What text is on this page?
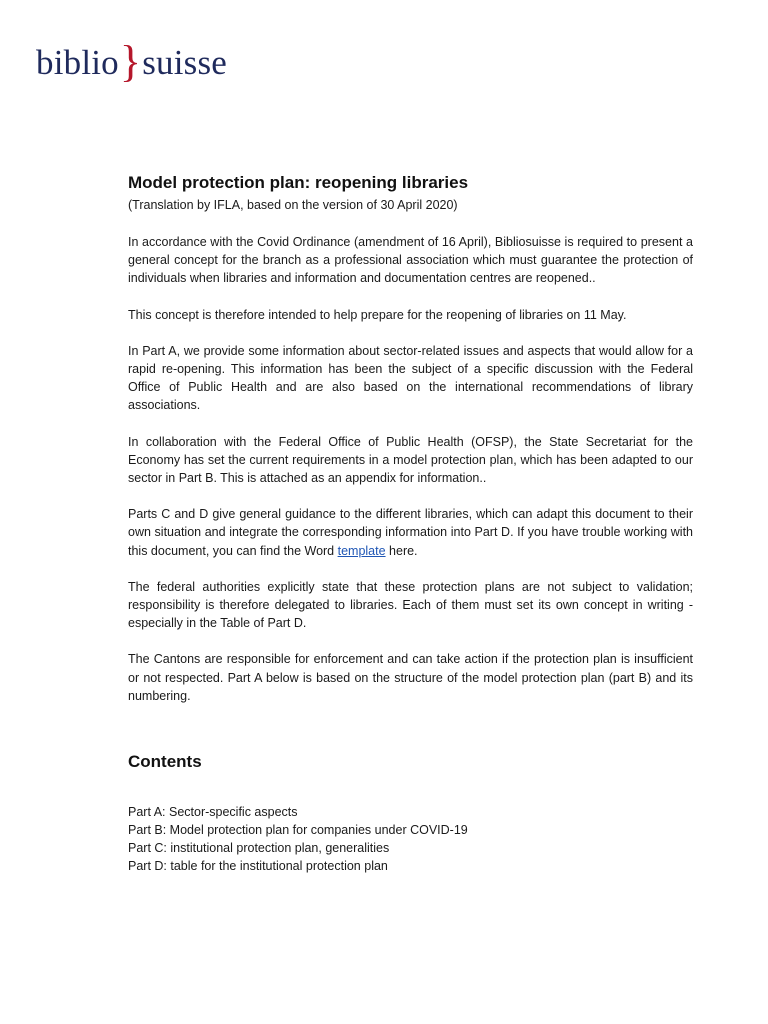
biblio}suisse
Model protection plan: reopening libraries

(Translation by IFLA, based on the version of 30 April 2020)

In accordance with the Covid Ordinance (amendment of 16 April), Bibliosuisse is required to present a general concept for the branch as a professional association which must guarantee the protection of individuals when libraries and information and documentation centres are reopened..

This concept is therefore intended to help prepare for the reopening of libraries on 11 May.

In Part A, we provide some information about sector-related issues and aspects that would allow for a rapid re-opening. This information has been the subject of a specific discussion with the Federal Office of Public Health and are also based on the international recommendations of library associations.

In collaboration with the Federal Office of Public Health (OFSP), the State Secretariat for the Economy has set the current requirements in a model protection plan, which has been adapted to our sector in Part B. This is attached as an appendix for information..

Parts C and D give general guidance to the different libraries, which can adapt this document to their own situation and integrate the corresponding information into Part D. If you have trouble working with this document, you can find the Word template here.

The federal authorities explicitly state that these protection plans are not subject to validation; responsibility is therefore delegated to libraries. Each of them must set its own concept in writing - especially in the Table of Part D.

The Cantons are responsible for enforcement and can take action if the protection plan is insufficient or not respected. Part A below is based on the structure of the model protection plan (part B) and its numbering.

Contents
Part A: Sector-specific aspects
Part B: Model protection plan for companies under COVID-19
Part C: institutional protection plan, generalities
Part D: table for the institutional protection plan
